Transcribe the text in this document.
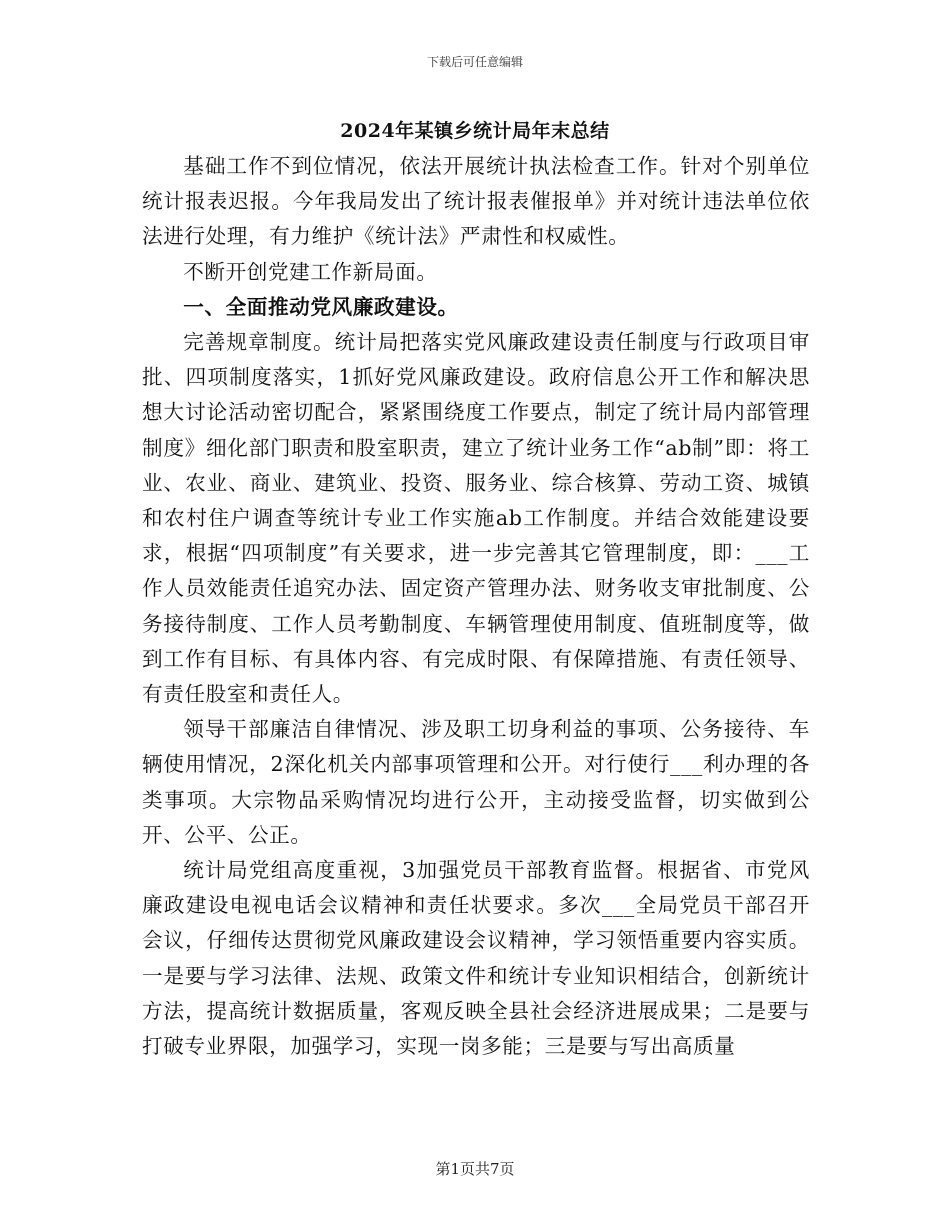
下载后可任意编辑
2024年某镇乡统计局年末总结

基础工作不到位情况，依法开展统计执法检查工作。针对个别单位统计报表迟报。今年我局发出了统计报表催报单》并对统计违法单位依法进行处理，有力维护《统计法》严肃性和权威性。

不断开创党建工作新局面。

一、全面推动党风廉政建设。

完善规章制度。统计局把落实党风廉政建设责任制度与行政项目审批、四项制度落实，1抓好党风廉政建设。政府信息公开工作和解决思想大讨论活动密切配合，紧紧围绕度工作要点，制定了统计局内部管理制度》细化部门职责和股室职责，建立了统计业务工作“ab制”即：将工业、农业、商业、建筑业、投资、服务业、综合核算、劳动工资、城镇和农村住户调查等统计专业工作实施ab工作制度。并结合效能建设要求，根据“四项制度”有关要求，进一步完善其它管理制度，即：___工作人员效能责任追究办法、固定资产管理办法、财务收支审批制度、公务接待制度、工作人员考勤制度、车辆管理使用制度、值班制度等，做到工作有目标、有具体内容、有完成时限、有保障措施、有责任领导、有责任股室和责任人。

领导干部廉洁自律情况、涉及职工切身利益的事项、公务接待、车辆使用情况，2深化机关内部事项管理和公开。对行使行___利办理的各类事项。大宗物品采购情况均进行公开，主动接受监督，切实做到公开、公平、公正。

统计局党组高度重视，3加强党员干部教育监督。根据省、市党风廉政建设电视电话会议精神和责任状要求。多次___全局党员干部召开会议，仔细传达贯彻党风廉政建设会议精神，学习领悟重要内容实质。一是要与学习法律、法规、政策文件和统计专业知识相结合，创新统计方法，提高统计数据质量，客观反映全县社会经济进展成果；二是要与打破专业界限，加强学习，实现一岗多能；三是要与写出高质量

第1页共7页
